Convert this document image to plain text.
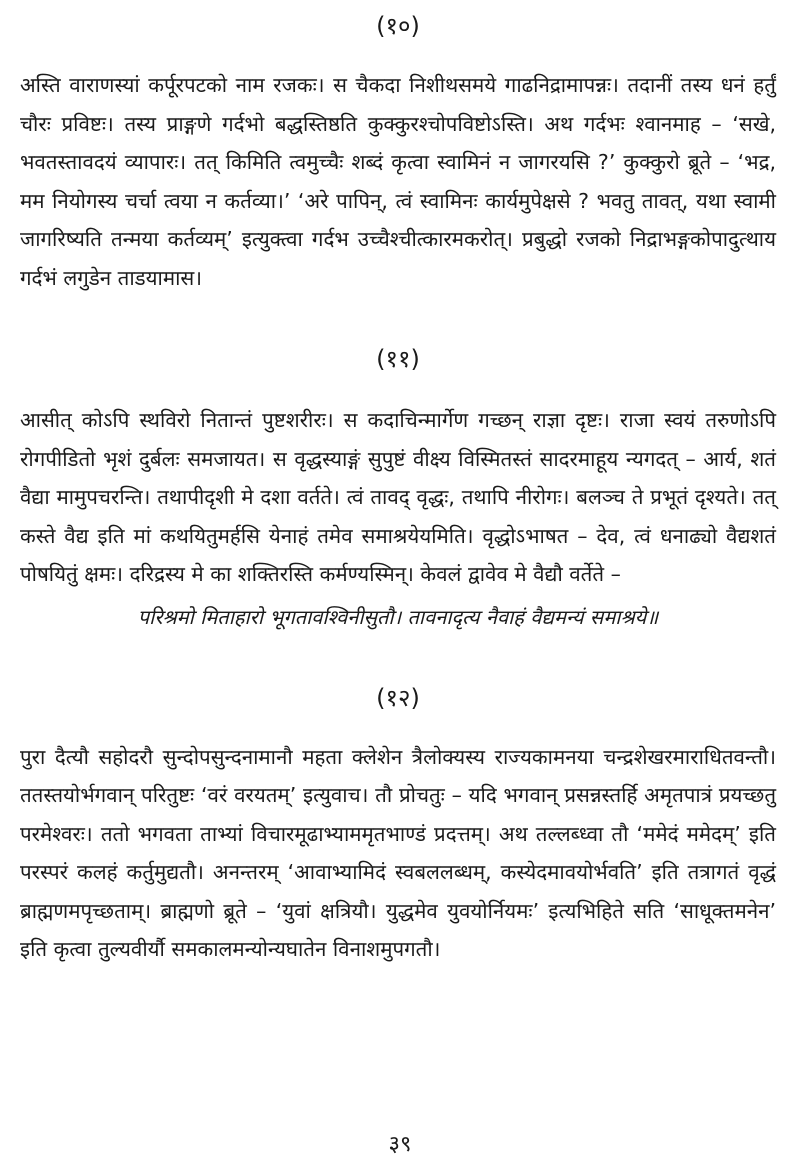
(१०)

अस्ति वाराणस्यां कर्पूरपटको नाम रजकः। स चैकदा निशीथसमये गाढनिद्रामापन्नः। तदानीं तस्य धनं हर्तुं चौरः प्रविष्टः। तस्य प्राङ्गणे गर्दभो बद्धस्तिष्ठति कुक्कुरश्चोपविष्टोऽस्ति। अथ गर्दभः श्वानमाह – ‘सखे, भवतस्तावदयं व्यापारः। तत् किमिति त्वमुच्चैः शब्दं कृत्वा स्वामिनं न जागरयसि ?’ कुक्कुरो ब्रूते – ‘भद्र, मम नियोगस्य चर्चा त्वया न कर्तव्या।’ ‘अरे पापिन्, त्वं स्वामिनः कार्यमुपेक्षसे ? भवतु तावत्, यथा स्वामी जागरिष्यति तन्मया कर्तव्यम्’ इत्युक्त्वा गर्दभ उच्चैश्चीत्कारमकरोत्। प्रबुद्धो रजको निद्राभङ्गकोपादुत्थाय गर्दभं लगुडेन ताडयामास।

(११)

आसीत् कोऽपि स्थविरो नितान्तं पुष्टशरीरः। स कदाचिन्मार्गेण गच्छन् राज्ञा दृष्टः। राजा स्वयं तरुणोऽपि रोगपीडितो भृशं दुर्बलः समजायत। स वृद्धस्याङ्गं सुपुष्टं वीक्ष्य विस्मितस्तं सादरमाहूय न्यगदत् – आर्य, शतं वैद्या मामुपचरन्ति। तथापीदृशी मे दशा वर्तते। त्वं तावद् वृद्धः, तथापि नीरोगः। बलञ्च ते प्रभूतं दृश्यते। तत् कस्ते वैद्य इति मां कथयितुमर्हसि येनाहं तमेव समाश्रयेयमिति। वृद्धोऽभाषत – देव, त्वं धनाढ्यो वैद्यशतं पोषयितुं क्षमः। दरिद्रस्य मे का शक्तिरस्ति कर्मण्यस्मिन्। केवलं द्वावेव मे वैद्यौ वर्तेते –

परिश्रमो मिताहारो भूगतावश्विनीसुतौ। तावनादृत्य नैवाहं वैद्यमन्यं समाश्रये॥

(१२)

पुरा दैत्यौ सहोदरौ सुन्दोपसुन्दनामानौ महता क्लेशेन त्रैलोक्यस्य राज्यकामनया चन्द्रशेखरमाराधितवन्तौ। ततस्तयोर्भगवान् परितुष्टः ‘वरं वरयतम्’ इत्युवाच। तौ प्रोचतुः – यदि भगवान् प्रसन्नस्तर्हि अमृतपात्रं प्रयच्छतु परमेश्वरः। ततो भगवता ताभ्यां विचारमूढाभ्याममृतभाण्डं प्रदत्तम्। अथ तल्लब्ध्वा तौ ‘ममेदं ममेदम्’ इति परस्परं कलहं कर्तुमुद्यतौ। अनन्तरम् ‘आवाभ्यामिदं स्वबललब्धम्, कस्येदमावयोर्भवति’ इति तत्रागतं वृद्धं ब्राह्मणमपृच्छताम्। ब्राह्मणो ब्रूते – ‘युवां क्षत्रियौ। युद्धमेव युवयोर्नियमः’ इत्यभिहिते सति ‘साधूक्तमनेन’ इति कृत्वा तुल्यवीर्यौ समकालमन्योन्यघातेन विनाशमुपगतौ।

३९
